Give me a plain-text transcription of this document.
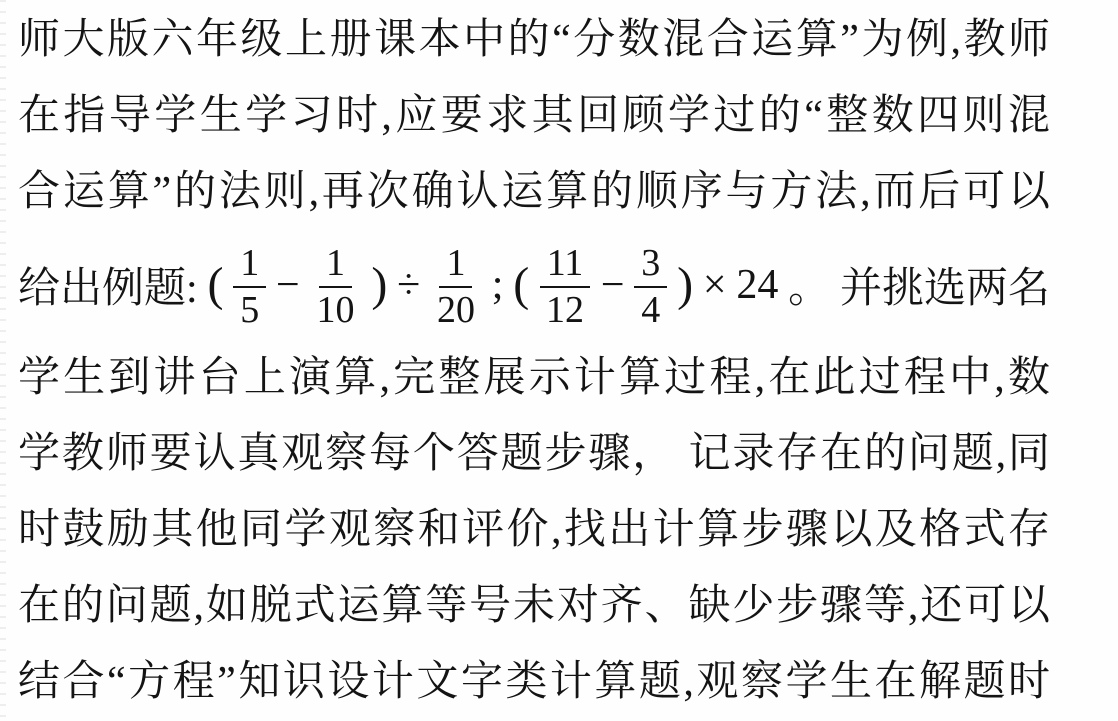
师大版六年级上册课本中的“分数混合运算”为例,教师
在指导学生学习时,应要求其回顾学过的“整数四则混
合运算”的法则,再次确认运算的顺序与方法,而后可以
给出例题: ( $\frac{1}{5} - \frac{1}{10}$ ) ÷ $\frac{1}{20}$ ; ( $\frac{11}{12} - \frac{3}{4}$ ) × 24 。 并挑选两名
学生到讲台上演算,完整展示计算过程,在此过程中,数
学教师要认真观察每个答题步骤， 记录存在的问题,同
时鼓励其他同学观察和评价,找出计算步骤以及格式存
在的问题,如脱式运算等号未对齐、缺少步骤等,还可以
结合“方程”知识设计文字类计算题,观察学生在解题时
